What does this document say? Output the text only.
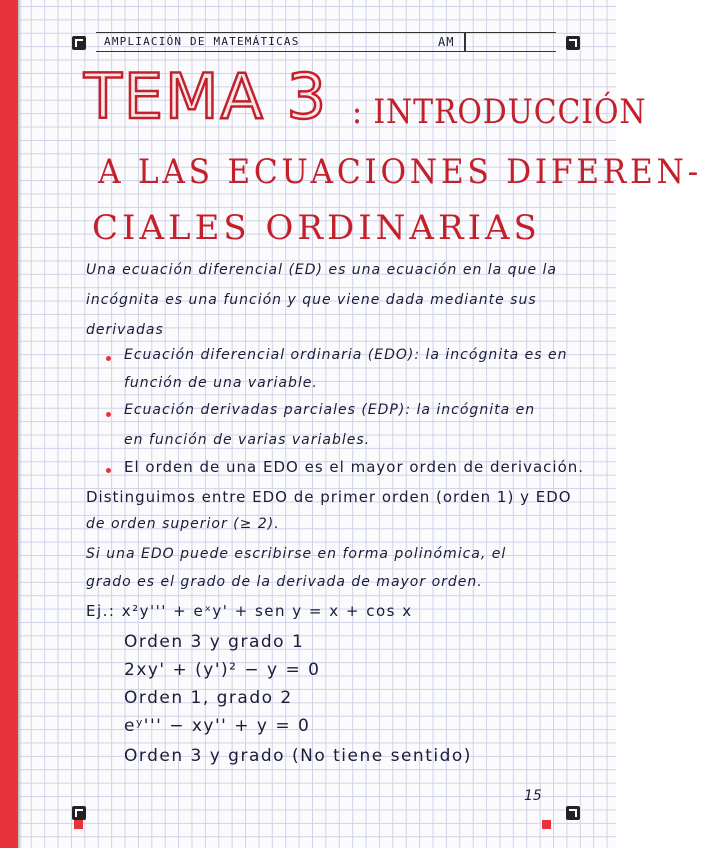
AMPLIACIÓN DE MATEMÁTICAS	AM
TEMA 3 : INTRODUCCIÓN
A LAS ECUACIONES DIFEREN-
CIALES ORDINARIAS
Una ecuación diferencial (ED) es una ecuación en la que la
incógnita es una función y que viene dada mediante sus
derivadas
Ecuación diferencial ordinaria (EDO): la incógnita es en
función de una variable.
Ecuación derivadas parciales (EDP): la incógnita en
en función de varias variables.
El orden de una EDO es el mayor orden de derivación.
Distinguimos entre EDO de primer orden (orden 1) y EDO
de orden superior (≥ 2).
Si una EDO puede escribirse en forma polinómica, el
grado es el grado de la derivada de mayor orden.
Ej.: x²y''' + eˣy' + sen y = x + cos x
Orden 3 y grado 1
2xy' + (y')² − y = 0
Orden 1, grado 2
eʸ''' − xy'' + y = 0
Orden 3 y grado (No tiene sentido)
15
